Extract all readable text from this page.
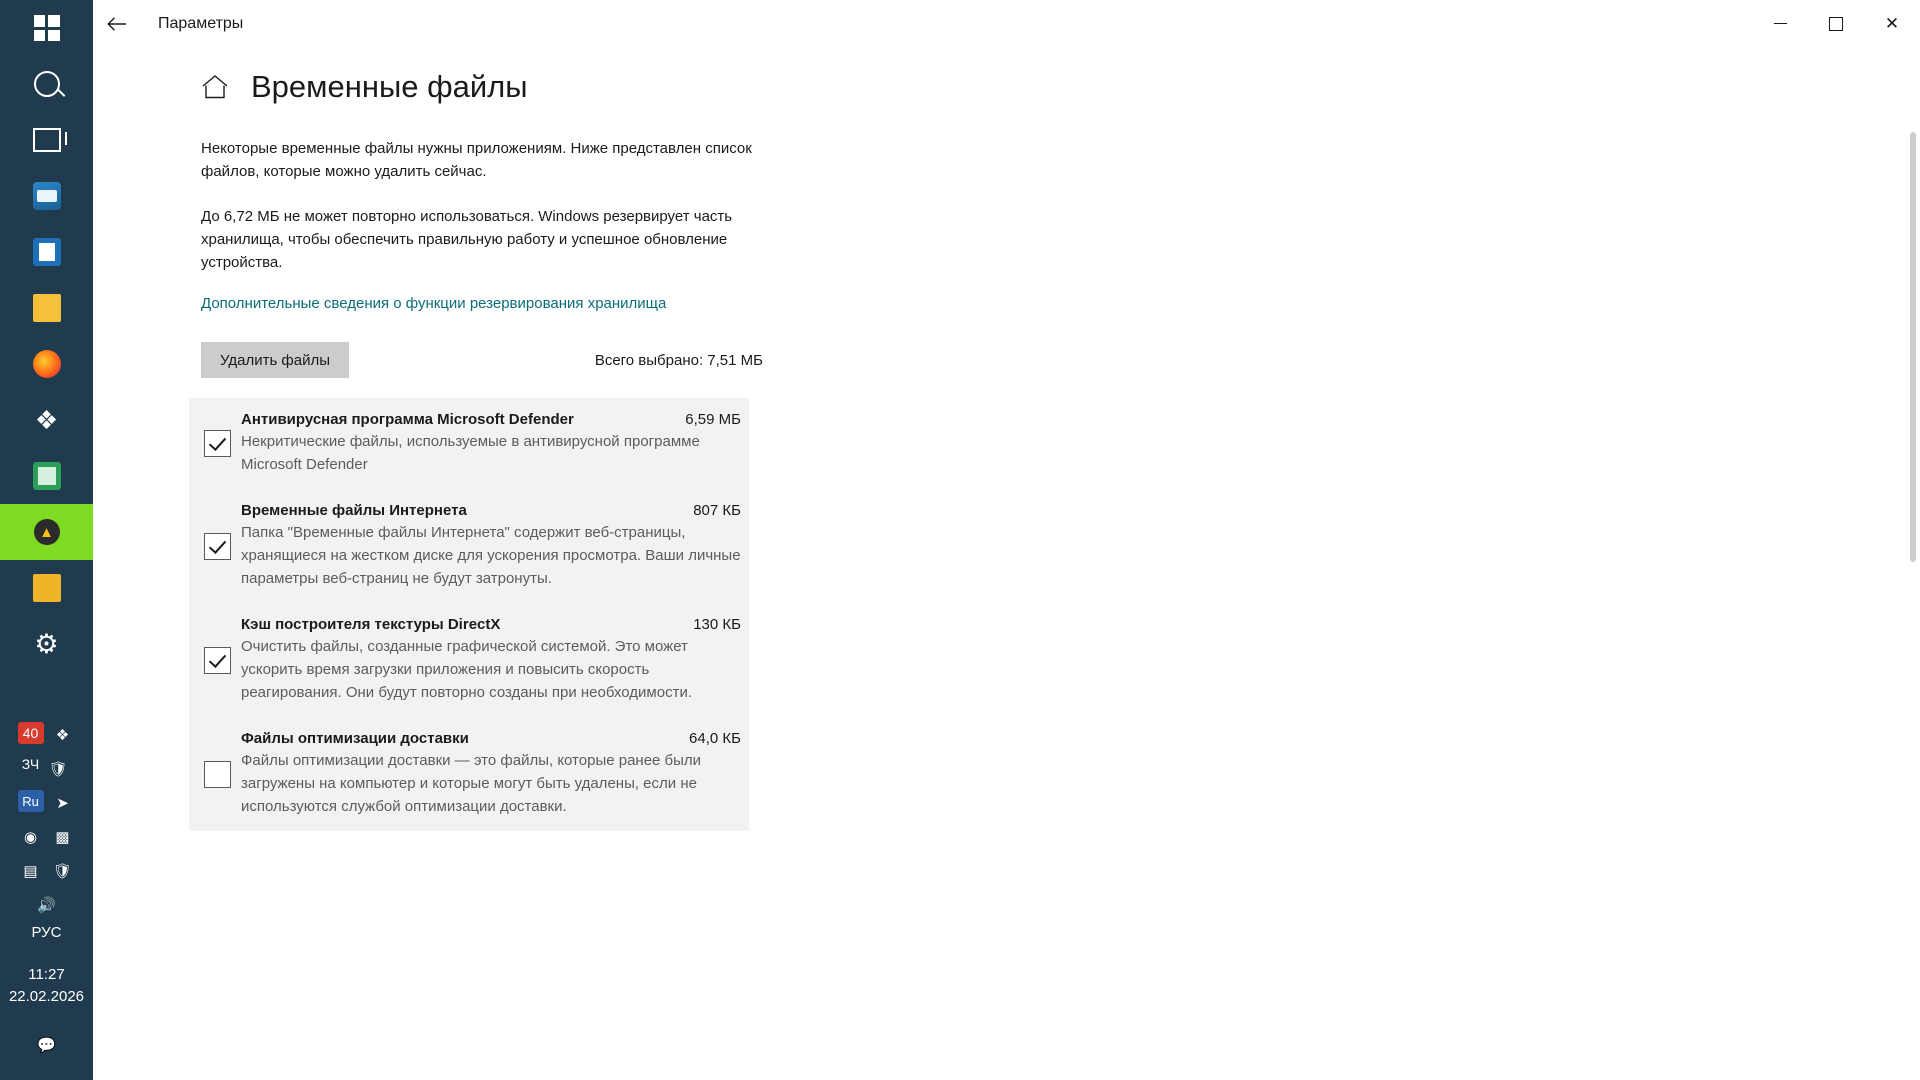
❖
▲
⚙
40	❖
ЗЧ 🛡
Ru	➤
◉	▩
▤	🛡
🔊
РУС
11:27
22.02.2026
💬
Параметры	✕
Временные файлы
Некоторые временные файлы нужны приложениям. Ниже представлен список файлов, которые можно удалить сейчас.
До 6,72 МБ не может повторно использоваться. Windows резервирует часть хранилища, чтобы обеспечить правильную работу и успешное обновление устройства.
Дополнительные сведения о функции резервирования хранилища
Удалить файлы	Всего выбрано: 7,51 МБ
Антивирусная программа Microsoft Defender	6,59 МБ
Некритические файлы, используемые в антивирусной программе Microsoft Defender
Временные файлы Интернета	807 КБ
Папка "Временные файлы Интернета" содержит веб-страницы, хранящиеся на жестком диске для ускорения просмотра. Ваши личные параметры веб-страниц не будут затронуты.
Кэш построителя текстуры DirectX	130 КБ
Очистить файлы, созданные графической системой. Это может ускорить время загрузки приложения и повысить скорость реагирования. Они будут повторно созданы при необходимости.
Файлы оптимизации доставки	64,0 КБ
Файлы оптимизации доставки — это файлы, которые ранее были загружены на компьютер и которые могут быть удалены, если не используются службой оптимизации доставки.
